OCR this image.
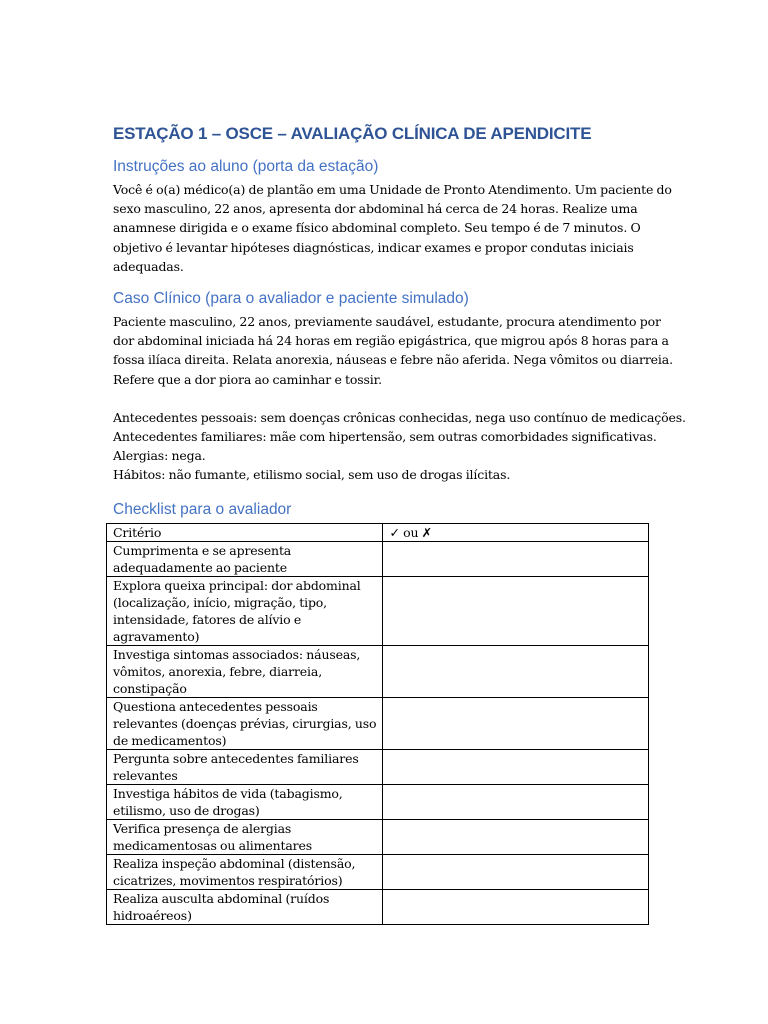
ESTAÇÃO 1 – OSCE – AVALIAÇÃO CLÍNICA DE APENDICITE
Instruções ao aluno (porta da estação)

Você é o(a) médico(a) de plantão em uma Unidade de Pronto Atendimento. Um paciente do
sexo masculino, 22 anos, apresenta dor abdominal há cerca de 24 horas. Realize uma
anamnese dirigida e o exame físico abdominal completo. Seu tempo é de 7 minutos. O
objetivo é levantar hipóteses diagnósticas, indicar exames e propor condutas iniciais
adequadas.

Caso Clínico (para o avaliador e paciente simulado)

Paciente masculino, 22 anos, previamente saudável, estudante, procura atendimento por
dor abdominal iniciada há 24 horas em região epigástrica, que migrou após 8 horas para a
fossa ilíaca direita. Relata anorexia, náuseas e febre não aferida. Nega vômitos ou diarreia.
Refere que a dor piora ao caminhar e tossir.

Antecedentes pessoais: sem doenças crônicas conhecidas, nega uso contínuo de medicações.
Antecedentes familiares: mãe com hipertensão, sem outras comorbidades significativas.
Alergias: nega.
Hábitos: não fumante, etilismo social, sem uso de drogas ilícitas.

Checklist para o avaliador
Critério	✓ ou ✗

Cumprimenta e se apresenta
adequadamente ao paciente	

Explora queixa principal: dor abdominal
(localização, início, migração, tipo,
intensidade, fatores de alívio e
agravamento)	

Investiga sintomas associados: náuseas,
vômitos, anorexia, febre, diarreia,
constipação	

Questiona antecedentes pessoais
relevantes (doenças prévias, cirurgias, uso
de medicamentos)	

Pergunta sobre antecedentes familiares
relevantes	

Investiga hábitos de vida (tabagismo,
etilismo, uso de drogas)	

Verifica presença de alergias
medicamentosas ou alimentares	

Realiza inspeção abdominal (distensão,
cicatrizes, movimentos respiratórios)	

Realiza ausculta abdominal (ruídos
hidroaéreos)	
